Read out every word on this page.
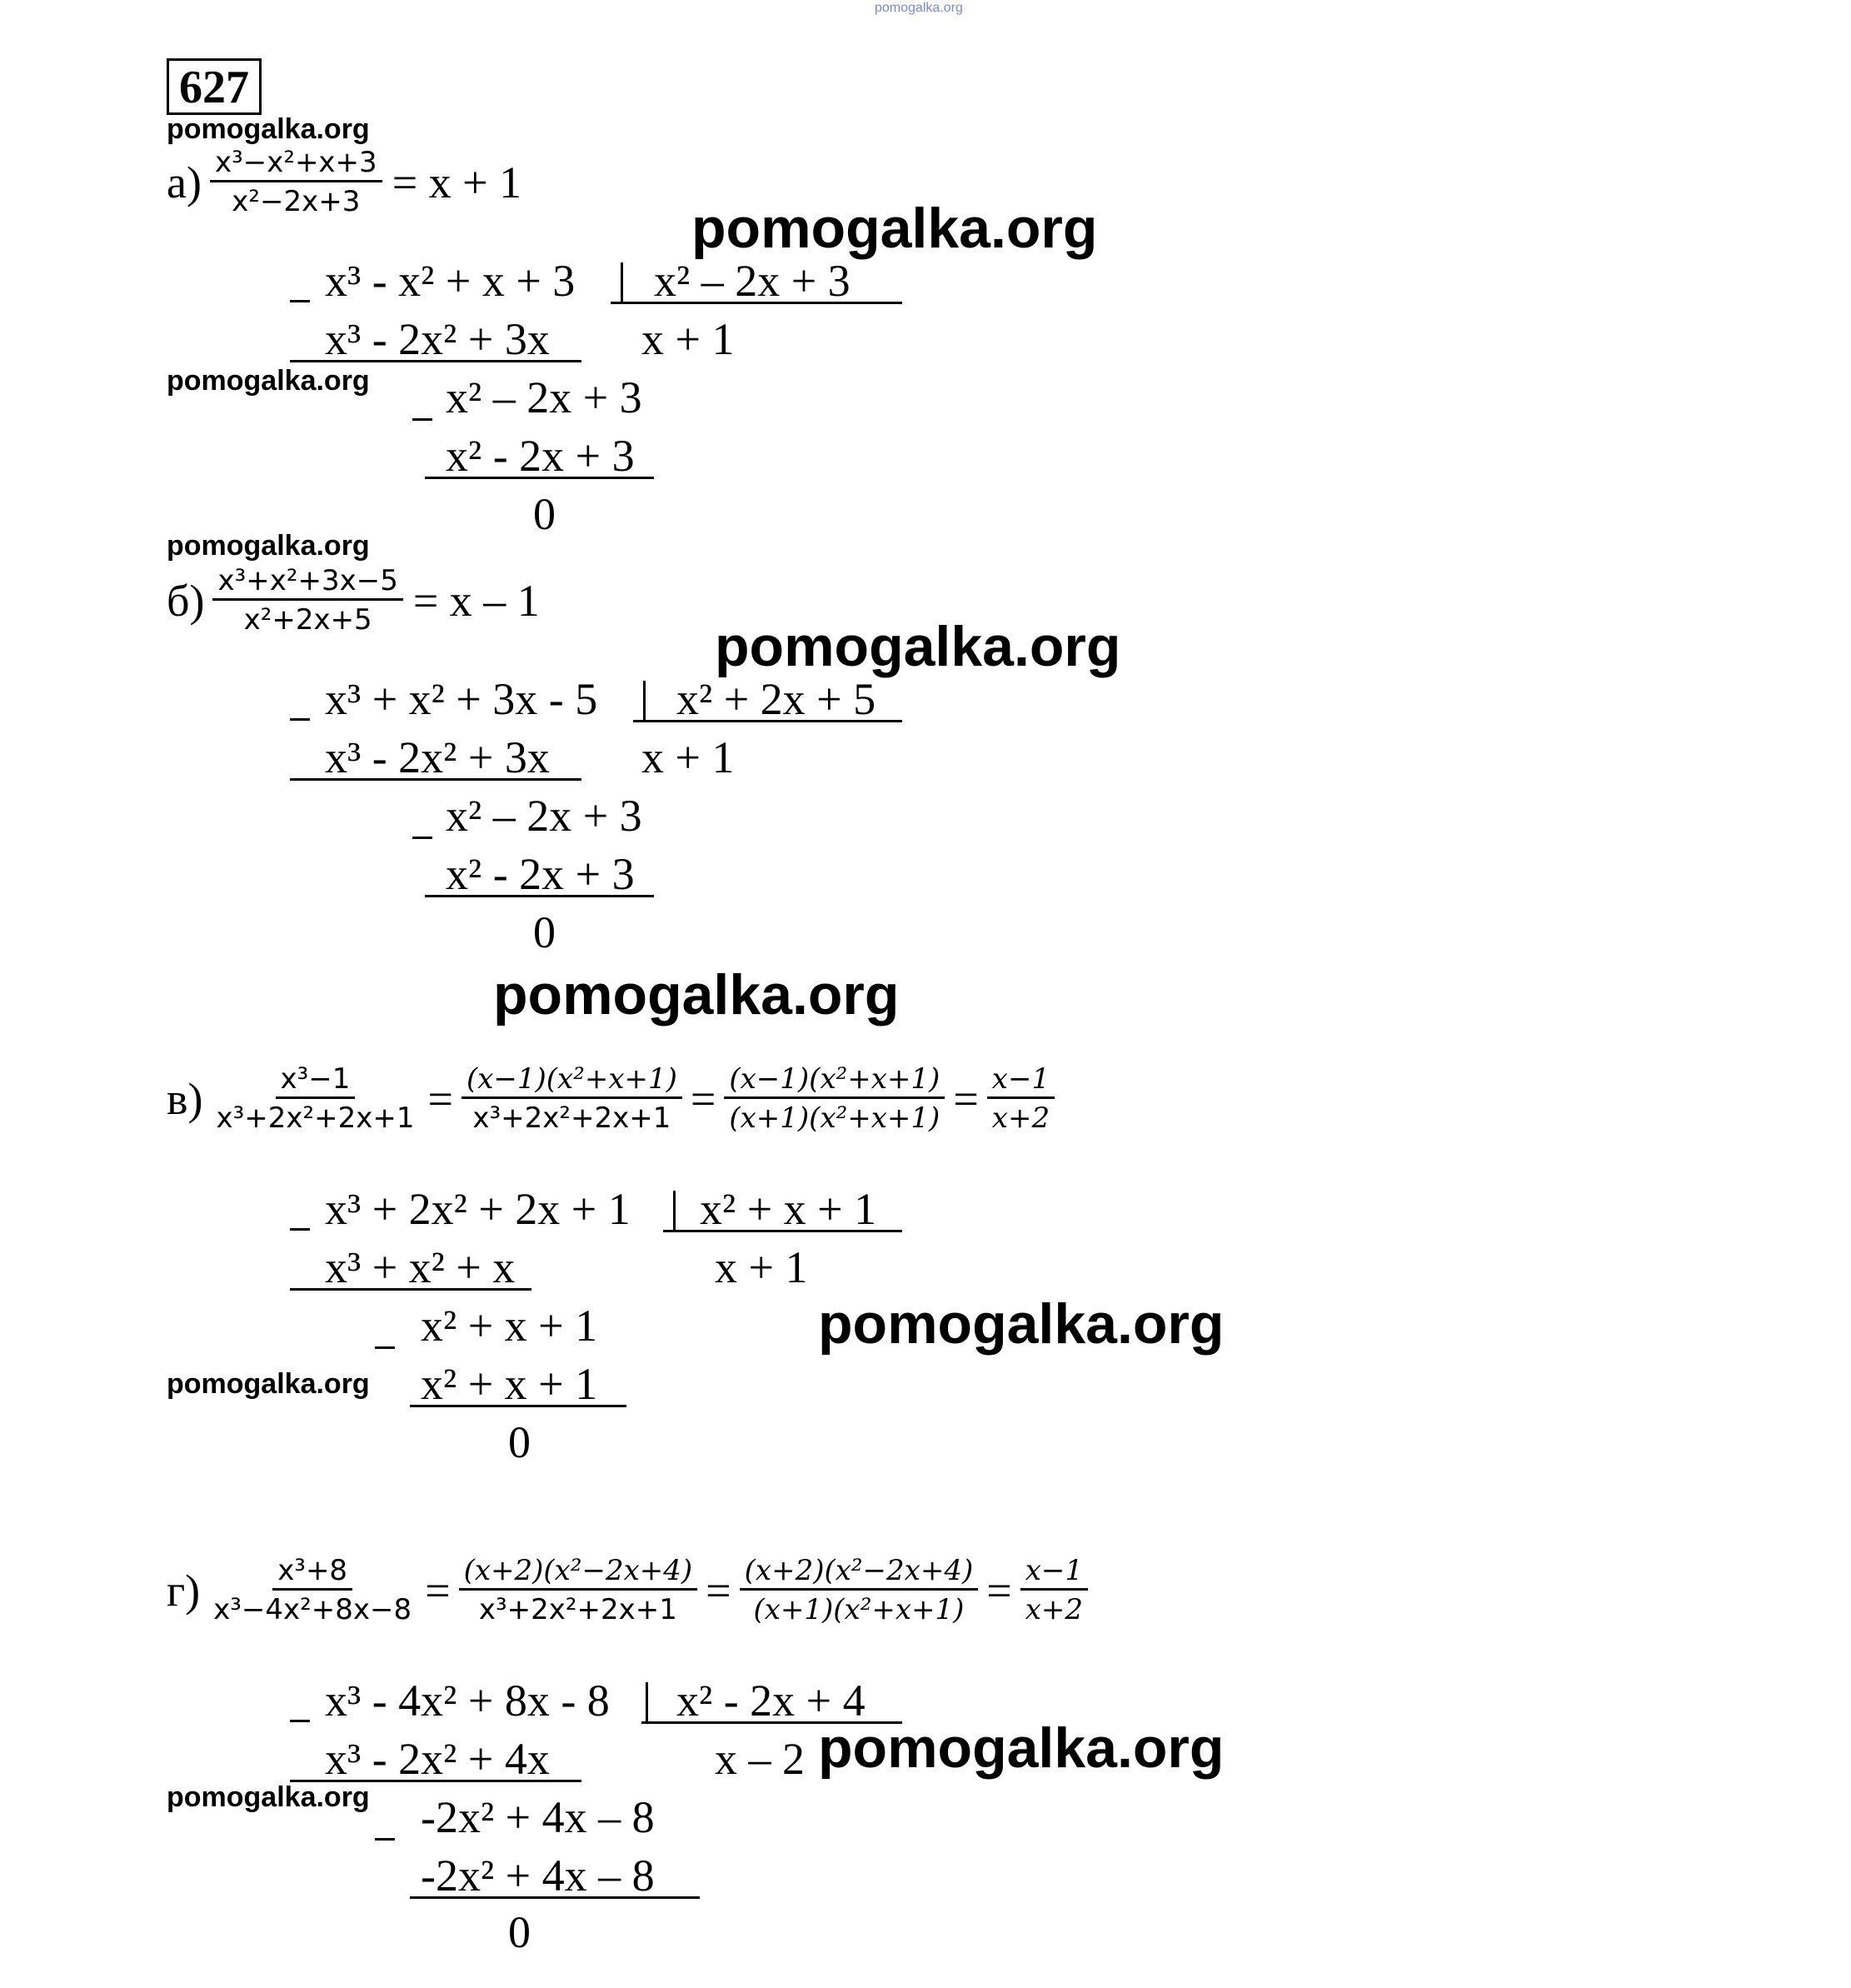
pomogalka.org
627
pomogalka.org
$а) \frac{\text{x³−x²+x+3}}{\text{x²−2x+3}} = x + 1$
pomogalka.org
x³ - x² + x + 3 x² – 2x + 3
x³ - 2x² + 3x x + 1
pomogalka.org x² – 2x + 3
x² - 2x + 3
0
pomogalka.org
$б) \frac{\text{x³+x²+3x−5}}{\text{x²+2x+5}} = x - 1$
pomogalka.org
x³ + x² + 3x - 5 x² + 2x + 5
x³ - 2x² + 3x x + 1
x² – 2x + 3
x² - 2x + 3
0
pomogalka.org
$в) \frac{\text{x³−1}}{\text{x³+2x²+2x+1}} = \frac{\text{(x−1)(x²+x+1)}}{\text{x³+2x²+2x+1}} = \frac{\text{(x−1)(x²+x+1)}}{\text{(x+1)(x²+x+1)}} = \frac{x-1}{x+2}$
x³ + 2x² + 2x + 1 x² + x + 1
x³ + x² + x	x + 1
x² + x + 1	pomogalka.org
pomogalka.org x² + x + 1
0
$г) \frac{\text{x³+8}}{\text{x³−4x²+8x−8}} = \frac{\text{(x+2)(x²−2x+4)}}{\text{x³+2x²+2x+1}} = \frac{\text{(x+2)(x²−2x+4)}}{\text{(x+1)(x²+x+1)}} = \frac{x-1}{x+2}$
x³ - 4x² + 8x - 8 x² - 2x + 4
x³ - 2x² + 4x	x – 2 pomogalka.org
pomogalka.org -2x² + 4x – 8
-2x² + 4x – 8
0
